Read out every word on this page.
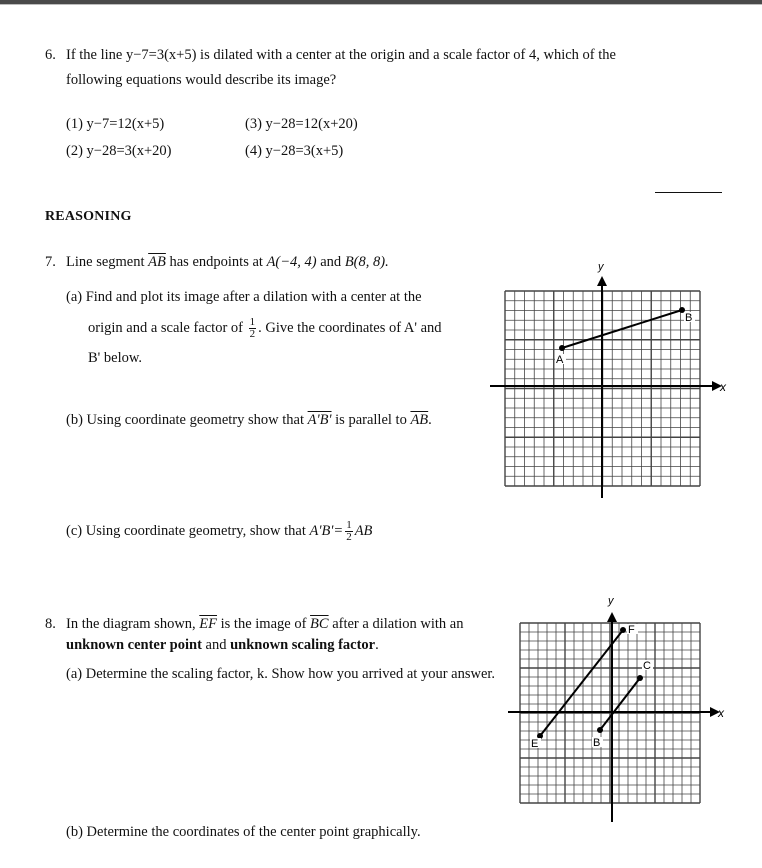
6. If the line y−7=3(x+5) is dilated with a center at the origin and a scale factor of 4, which of the
following equations would describe its image?
(1) y−7=12(x+5)	(3) y−28=12(x+20)
(2) y−28=3(x+20)	(4) y−28=3(x+5)
REASONING
7. Line segment $\overline{AB}$ has endpoints at A(−4, 4) and B(8, 8).
(a) Find and plot its image after a dilation with a center at the
origin and a scale factor of $\frac{1}{2}$ . Give the coordinates of A' and
B' below.
(b) Using coordinate geometry show that A'B' is parallel to $\overline{AB}$.
(c) Using coordinate geometry, show that $A'B'= \frac{1}{2}$ AB
y
x
A
B
8. In the diagram shown, $\overline{EF}$ is the image of $\overline{BC}$ after a dilation with an
unknown center point and unknown scaling factor.
(a) Determine the scaling factor, k. Show how you arrived at your answer.
(b) Determine the coordinates of the center point graphically.
y
x
E
F
B
C
